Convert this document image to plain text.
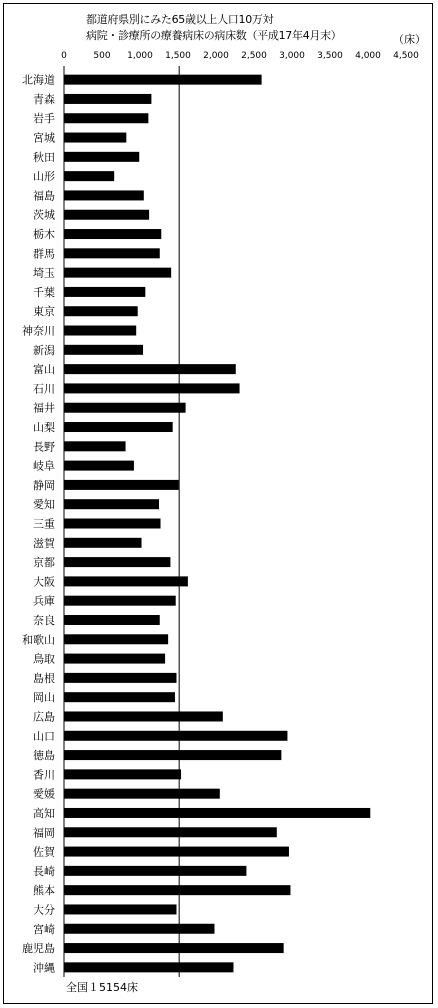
都道府県別にみた65歳以上人口10万対
病院・診療所の療養病床の病床数（平成17年4月末）	（床）
0	500 1,000 1,500 2,000 2,500 3,000 3,500 4,000 4,500
北海道
青森
岩手
宮城
秋田
山形
福島
茨城
栃木
群馬
埼玉
千葉
東京
神奈川
新潟
富山
石川
福井
山梨
長野
岐阜
静岡
愛知
三重
滋賀
京都
大阪
兵庫
奈良
和歌山
鳥取
島根
岡山
広島
山口
徳島
香川
愛媛
高知
福岡
佐賀
長崎
熊本
大分
宮崎
鹿児島
沖縄
全国１5154床
